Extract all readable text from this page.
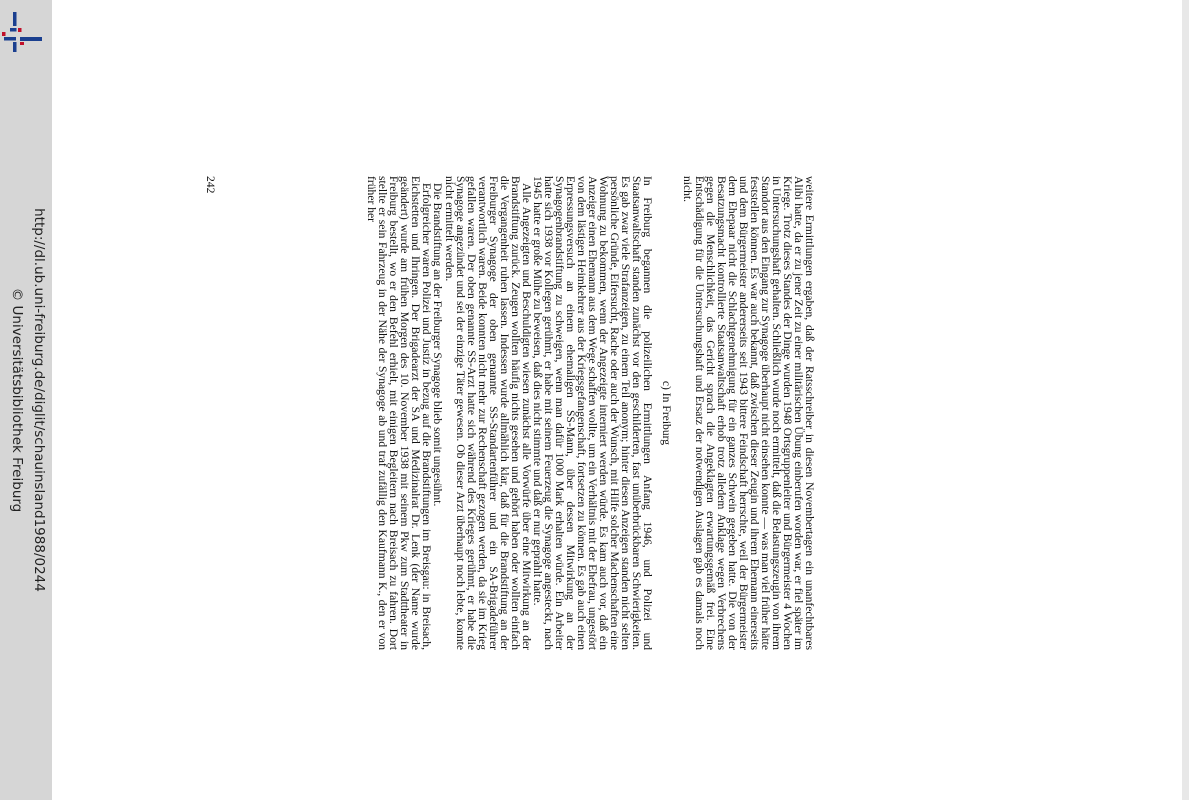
http://dl.ub.uni-freiburg.de/diglit/schauinsland1988/0244
© Universitätsbibliothek Freiburg	weitere Ermittlungen ergaben, daß der Ratsschreiber in diesen Novembertagen ein unanfechtbares Alibi hatte, da er zu jener Zeit zu einer militärischen Übung einberufen worden war, er fiel später im Kriege. Trotz dieses Standes der Dinge wurden 1948 Ortsgruppenleiter und Bürgermeister 4 Wochen in Untersuchungshaft gehalten. Schließlich wurde noch ermittelt, daß die Belastungszeugin von ihrem Standort aus den Eingang zur Synagoge überhaupt nicht einsehen konnte — was man viel früher hätte feststellen können. Es war auch bekannt, daß zwischen dieser Zeugin und ihrem Ehemann einerseits und dem Bürgermeister andererseits seit 1943 bittere Feindschaft herrschte, weil der Bürgermeister dem Ehepaar nicht die Schlachtgenehmigung für ein ganzes Schwein gegeben hatte. Die von der Besatzungsmacht kontrollierte Staatsanwaltschaft erhob trotz alledem Anklage wegen Verbrechens gegen die Menschlichkeit, das Gericht sprach die Angeklagten erwartungsgemäß frei. Eine Entschädigung für die Untersuchungshaft und Ersatz der notwendigen Auslagen gab es damals noch nicht.

c) In Freiburg

In Freiburg begannen die polizeilichen Ermittlungen Anfang 1946, und Polizei und Staatsanwaltschaft standen zunächst vor den geschilderten, fast unüberbrückbaren Schwierigkeiten. Es gab zwar viele Strafanzeigen, zu einem Teil anonym; hinter diesen Anzeigen standen nicht selten persönliche Gründe, Eifersucht, Rache oder auch der Wunsch, mit Hilfe solcher Machenschaften eine Wohnung zu bekommen, wenn der Angezeigte interniert werden würde. Es kam auch vor, daß ein Anzeiger einen Ehemann aus dem Wege schaffen wollte, um ein Verhältnis mit der Ehefrau, ungestört von dem lästigen Heimkehrer aus der Kriegsgefangenschaft, fortsetzen zu können. Es gab auch einen Erpressungsversuch an einem ehemaligen SS-Mann, über dessen Mitwirkung an der Synagogenbrandstiftung zu schweigen, wenn man dafür 1000 Mark erhalten würde. Ein Arbeiter hatte sich 1938 vor Kollegen gerühmt, er habe mit seinem Feuerzeug die Synagoge angesteckt, nach 1945 hatte er große Mühe zu beweisen, daß dies nicht stimmte und daß er nur geprahlt hatte.

Alle Angezeigten und Beschuldigten wiesen zunächst alle Vorwürfe über eine Mitwirkung an der Brandstiftung zurück. Zeugen wollten häufig nichts gesehen und gehört haben oder wollten einfach die Vergangenheit ruhen lassen. Indessen wurde allmählich klar, daß für die Brandstiftung an der Freiburger Synagoge der oben genannte SS-Standartenführer und ein SA-Brigadeführer verantwortlich waren. Beide konnten nicht mehr zur Rechenschaft gezogen werden, da sie im Krieg gefallen waren. Der oben genannte SS-Arzt hatte sich während des Krieges gerühmt, er habe die Synagoge angezündet und sei der einzige Täter gewesen. Ob dieser Arzt überhaupt noch lebte, konnte nicht ermittelt werden.

Die Brandstiftung an der Freiburger Synagoge blieb somit ungesühnt.

Erfolgreicher waren Polizei und Justiz in bezug auf die Brandstiftungen im Breisgau: in Breisach, Eichstetten und Ihringen. Der Brigadearzt der SA und Medizinalrat Dr. Lenk (der Name wurde geändert) wurde am frühen Morgen des 10. November 1938 mit seinem Pkw zum Stadttheater in Freiburg bestellt, wo er den Befehl erhielt, mit einigen Begleitern nach Breisach zu fahren. Dort stellte er sein Fahrzeug in der Nähe der Synagoge ab und traf zufällig den Kaufmann K., den er von früher her

242
